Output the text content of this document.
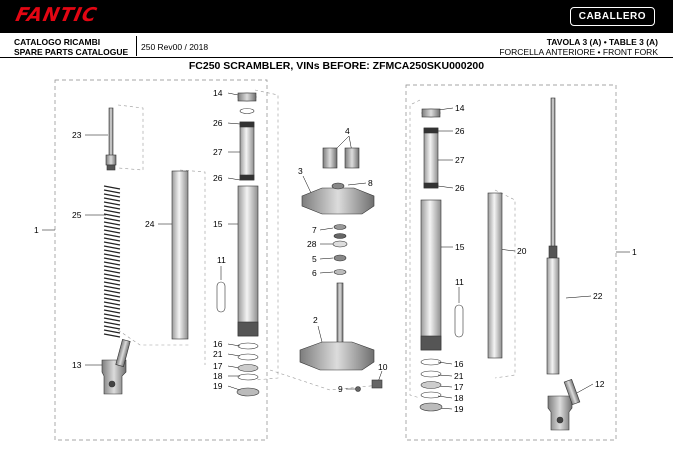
FANTIC	CABALLERO
CATALOGO RICAMBI
SPARE PARTS CATALOGUE 250 Rev00 / 2018	TAVOLA 3 (A) • TABLE 3 (A)
FORCELLA ANTERIORE • FRONT FORK
FC250 SCRAMBLER, VINs BEFORE: ZFMCA250SKU000200
1
23
25
13
24
14
26
27
26
15
11
16
21
17
18
19
4
3
8
7
28
5
6
2
9
10
14
26
27
26
15
11
20
22
1
16
21
17
18
19
12
